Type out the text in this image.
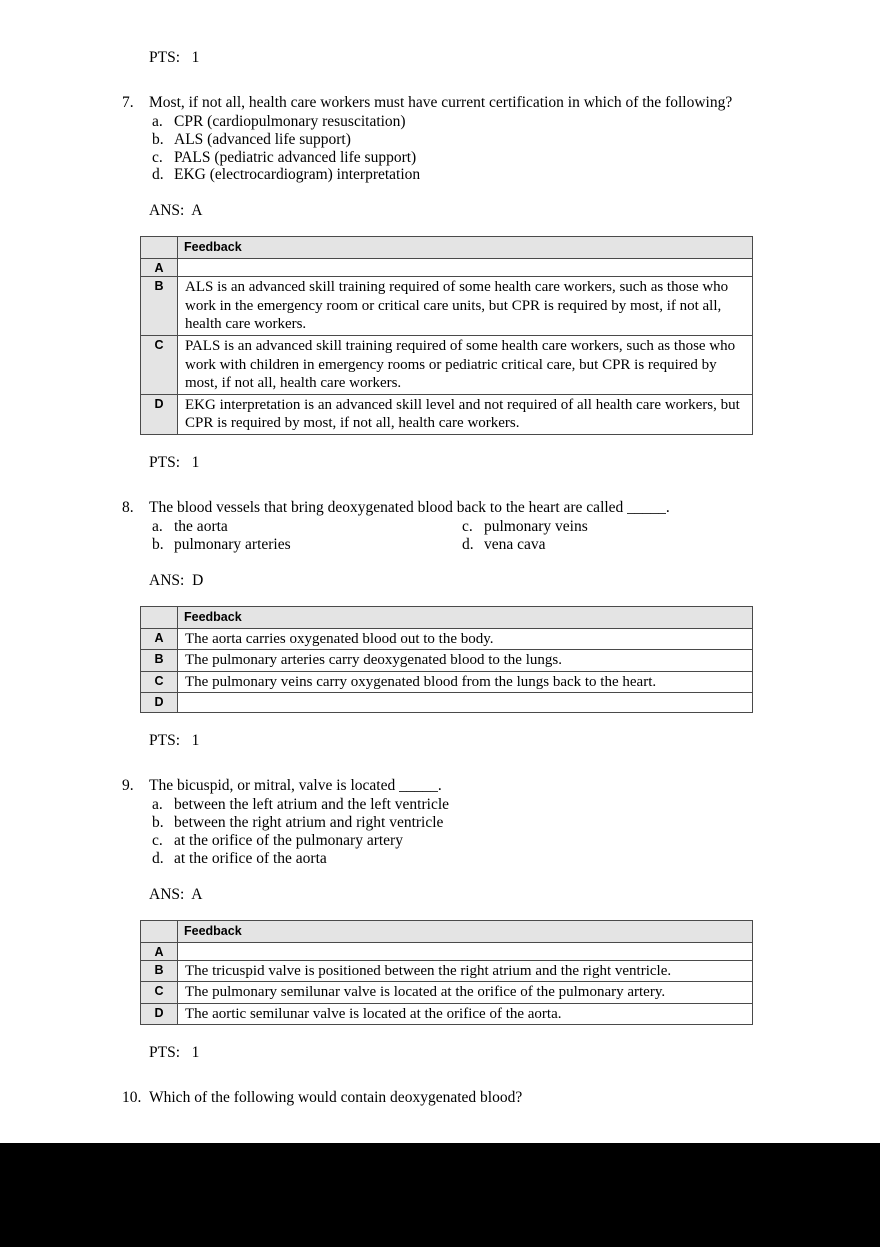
PTS: 1
7. Most, if not all, health care workers must have current certification in which of the following?
a. CPR (cardiopulmonary resuscitation)
b. ALS (advanced life support)
c. PALS (pediatric advanced life support)
d. EKG (electrocardiogram) interpretation
ANS: A
	Feedback
A	
B	ALS is an advanced skill training required of some health care workers, such as those who work in the emergency room or critical care units, but CPR is required by most, if not all, health care workers.
C	PALS is an advanced skill training required of some health care workers, such as those who work with children in emergency rooms or pediatric critical care, but CPR is required by most, if not all, health care workers.
D	EKG interpretation is an advanced skill level and not required of all health care workers, but CPR is required by most, if not all, health care workers.
PTS: 1
8. The blood vessels that bring deoxygenated blood back to the heart are called _____.
a. the aorta
b. pulmonary arteries
c. pulmonary veins
d. vena cava
ANS: D
	Feedback
A	The aorta carries oxygenated blood out to the body.
B	The pulmonary arteries carry deoxygenated blood to the lungs.
C	The pulmonary veins carry oxygenated blood from the lungs back to the heart.
D	
PTS: 1
9. The bicuspid, or mitral, valve is located _____.
a. between the left atrium and the left ventricle
b. between the right atrium and right ventricle
c. at the orifice of the pulmonary artery
d. at the orifice of the aorta
ANS: A
	Feedback
A	
B	The tricuspid valve is positioned between the right atrium and the right ventricle.
C	The pulmonary semilunar valve is located at the orifice of the pulmonary artery.
D	The aortic semilunar valve is located at the orifice of the aorta.
PTS: 1
10. Which of the following would contain deoxygenated blood?
